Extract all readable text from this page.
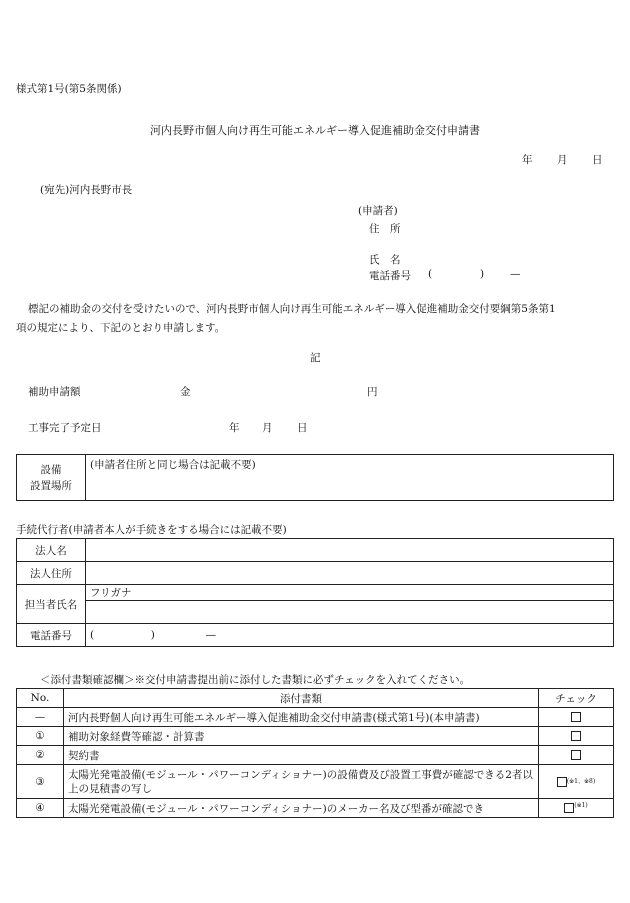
様式第1号(第5条関係)
河内長野市個人向け再生可能エネルギー導入促進補助金交付申請書
年 月 日
(宛先)河内長野市長
(申請者)
住　所
氏　名
電話番号 (	) —
標記の補助金の交付を受けたいので、河内長野市個人向け再生可能エネルギー導入促進補助金交付要綱第5条第1
項の規定により、下記のとおり申請します。
記
補助申請額	金	円
工事完了予定日	年 月 日
設備
設置場所
	(申請者住所と同じ場合は記載不要)
手続代行者(申請者本人が手続きをする場合には記載不要)
法人名	
法人住所	
担当者氏名	フリガナ

電話番号	( ) —
＜添付書類確認欄＞※交付申請書提出前に添付した書類に必ずチェックを入れてください。
No.	添付書類	チェック
—	河内長野個人向け再生可能エネルギー導入促進補助金交付申請書(様式第1号)(本申請書)	
①	補助対象経費等確認・計算書	
②	契約書	
③	太陽光発電設備(モジュール・パワーコンディショナー)の設備費及び設置工事費が確認できる2者以上の見積書の写し	$^{(※1、※8)}$
④	太陽光発電設備(モジュール・パワーコンディショナー)のメーカー名及び型番が確認でき	$^{(※1)}$
